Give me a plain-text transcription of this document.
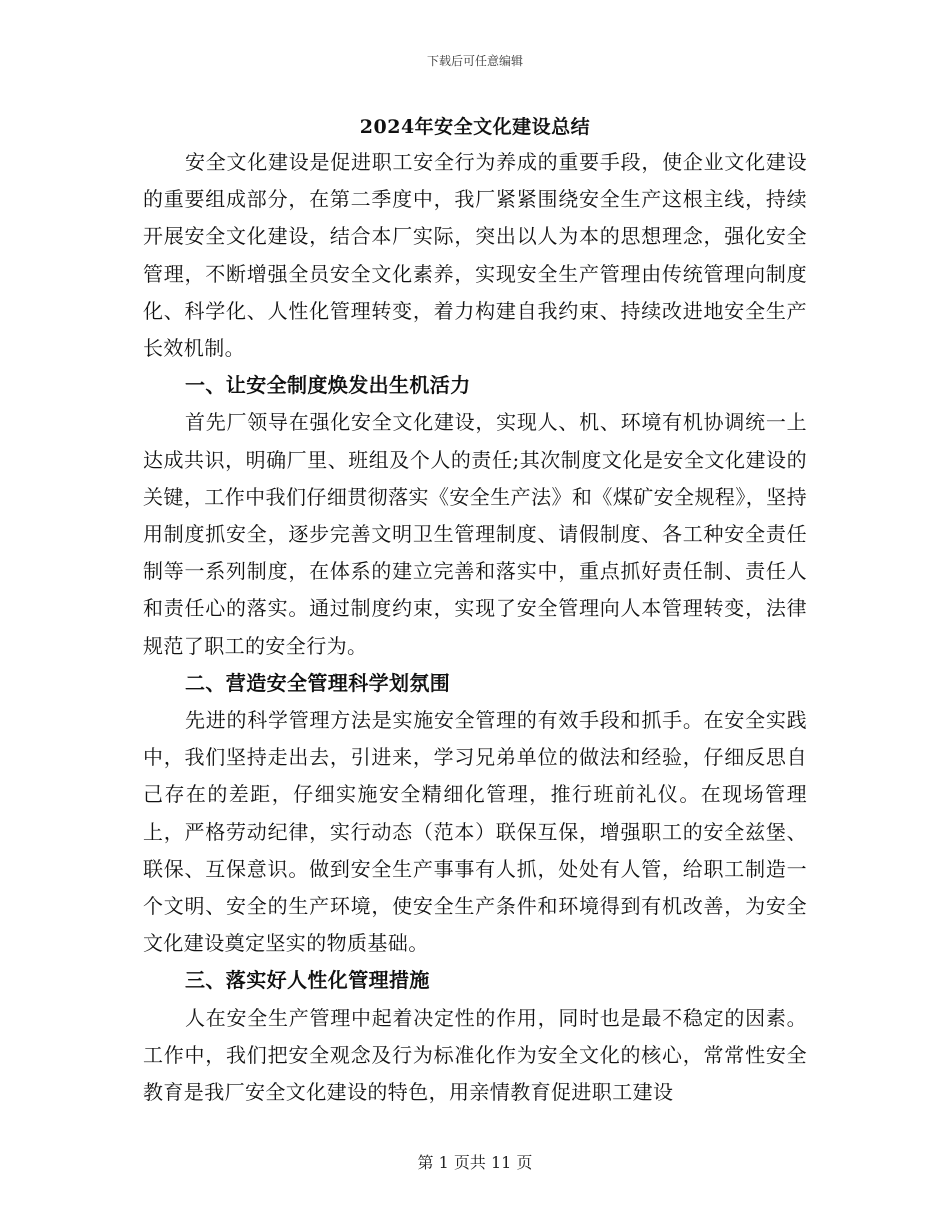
下载后可任意编辑
2024年安全文化建设总结

安全文化建设是促进职工安全行为养成的重要手段，使企业文化建设的重要组成部分，在第二季度中，我厂紧紧围绕安全生产这根主线，持续开展安全文化建设，结合本厂实际，突出以人为本的思想理念，强化安全管理，不断增强全员安全文化素养，实现安全生产管理由传统管理向制度化、科学化、人性化管理转变，着力构建自我约束、持续改进地安全生产长效机制。

一、让安全制度焕发出生机活力

首先厂领导在强化安全文化建设，实现人、机、环境有机协调统一上达成共识，明确厂里、班组及个人的责任;其次制度文化是安全文化建设的关键，工作中我们仔细贯彻落实《安全生产法》和《煤矿安全规程》，坚持用制度抓安全，逐步完善文明卫生管理制度、请假制度、各工种安全责任制等一系列制度，在体系的建立完善和落实中，重点抓好责任制、责任人和责任心的落实。通过制度约束，实现了安全管理向人本管理转变，法律规范了职工的安全行为。

二、营造安全管理科学划氛围

先进的科学管理方法是实施安全管理的有效手段和抓手。在安全实践中，我们坚持走出去，引进来，学习兄弟单位的做法和经验，仔细反思自己存在的差距，仔细实施安全精细化管理，推行班前礼仪。在现场管理上，严格劳动纪律，实行动态（范本）联保互保，增强职工的安全兹堡、联保、互保意识。做到安全生产事事有人抓，处处有人管，给职工制造一个文明、安全的生产环境，使安全生产条件和环境得到有机改善，为安全文化建设奠定坚实的物质基础。

三、落实好人性化管理措施

人在安全生产管理中起着决定性的作用，同时也是最不稳定的因素。工作中，我们把安全观念及行为标准化作为安全文化的核心，常常性安全教育是我厂安全文化建设的特色，用亲情教育促进职工建设

第 1 页共 11 页
